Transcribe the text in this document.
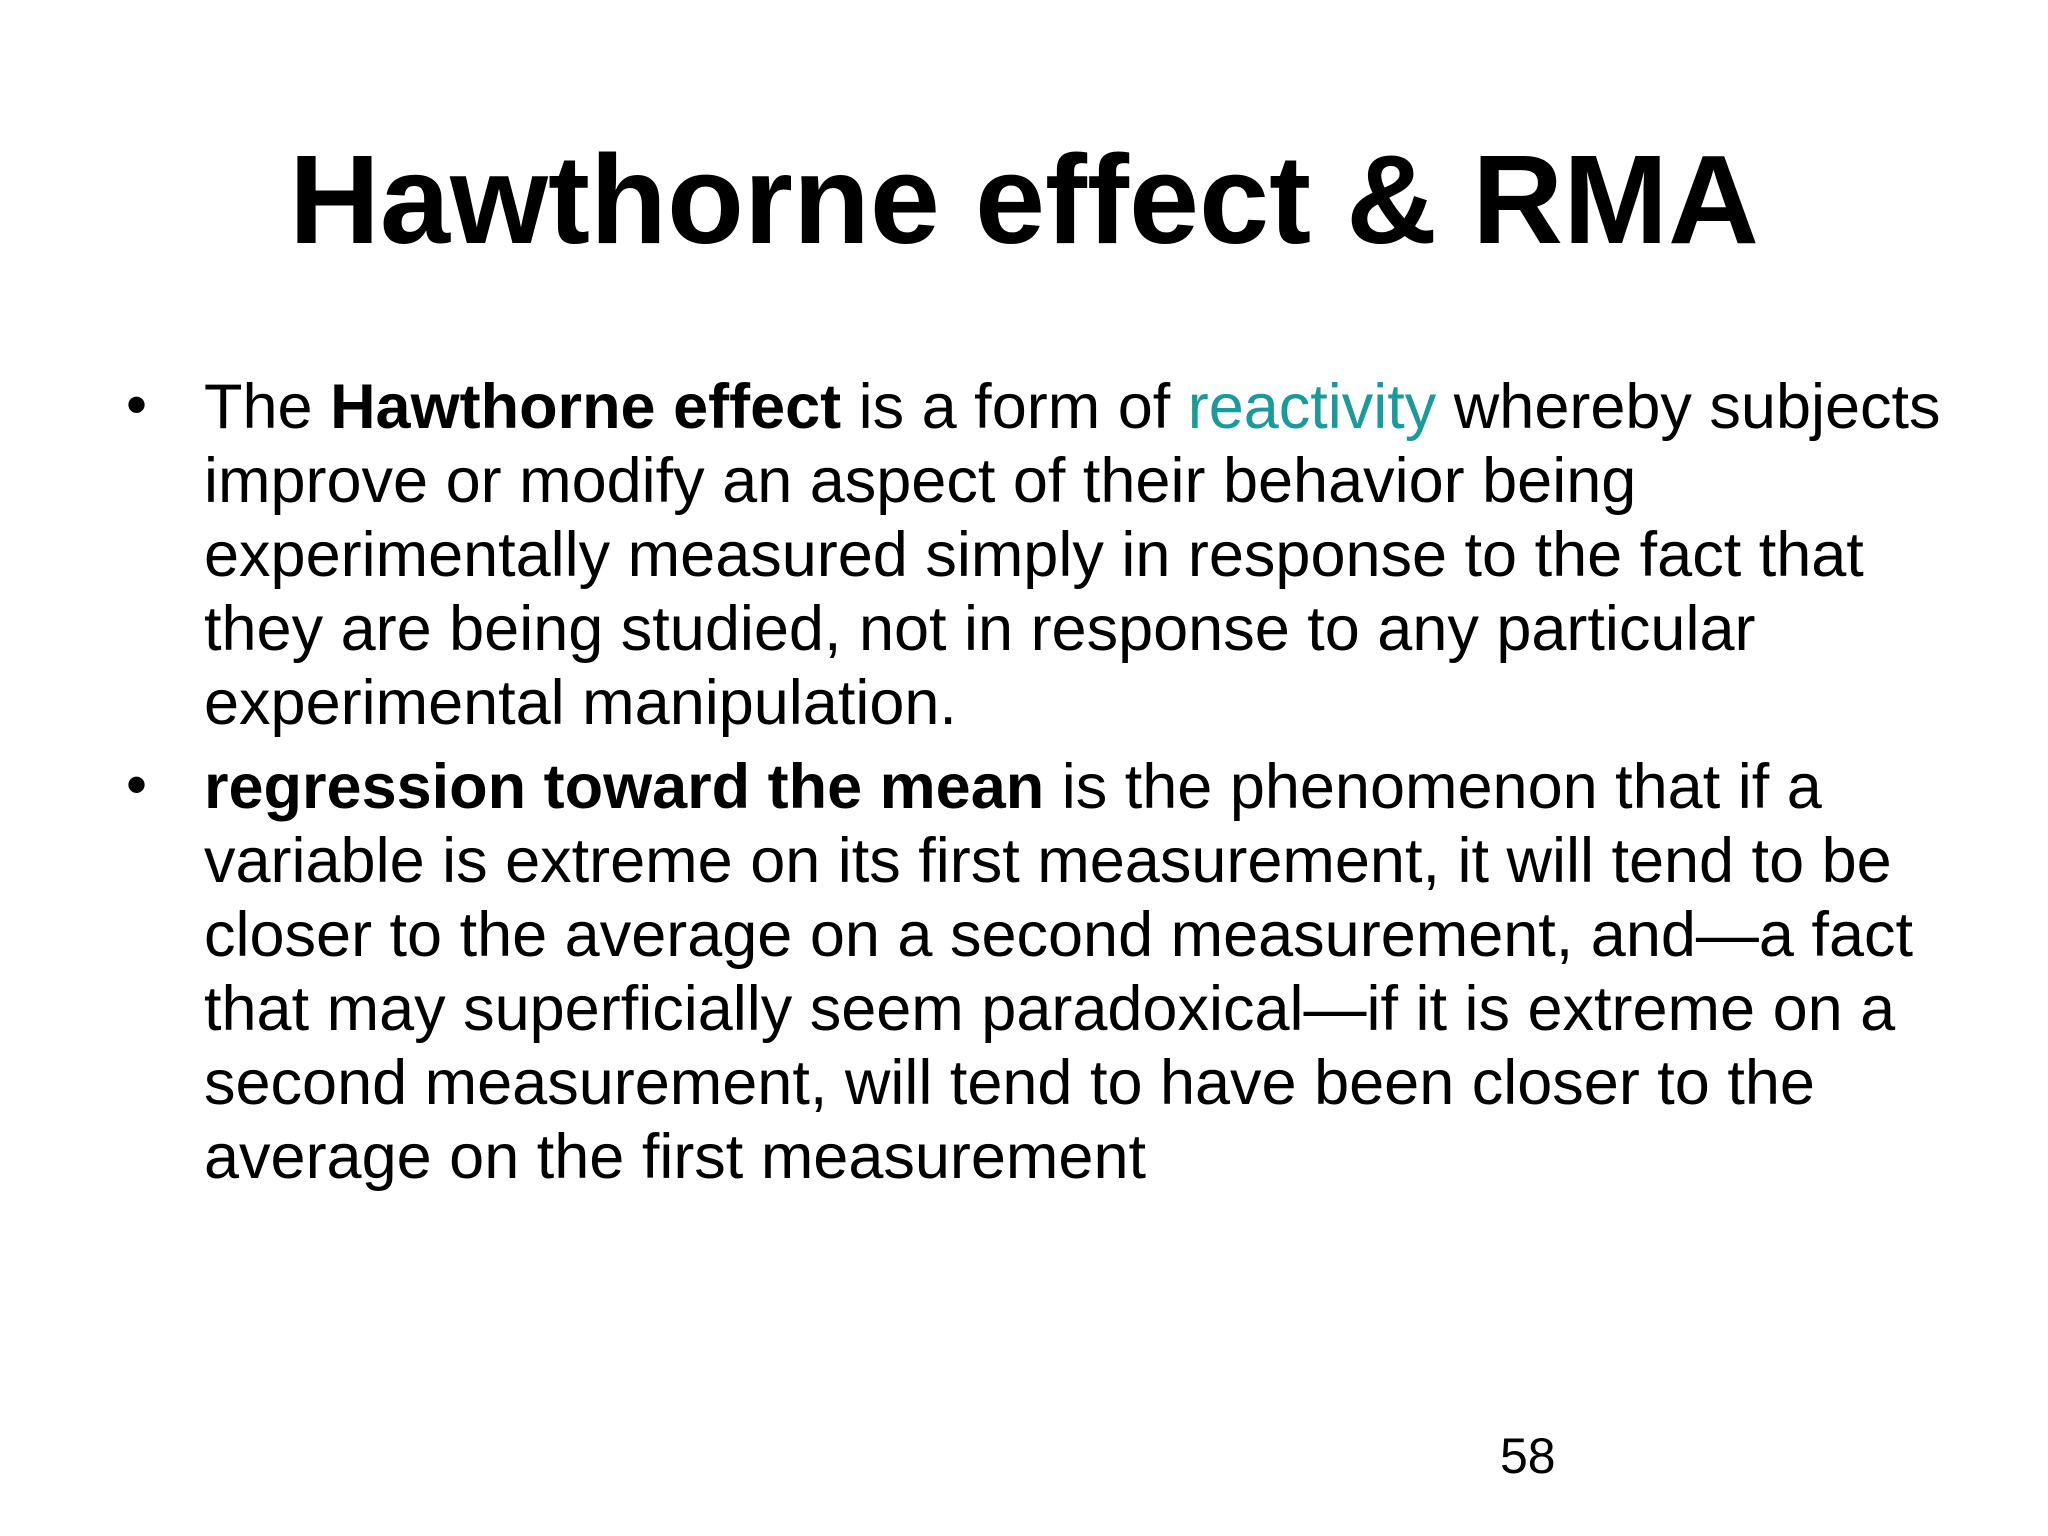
Hawthorne effect & RMA
• The Hawthorne effect is a form of reactivity whereby subjects improve or modify an aspect of their behavior being experimentally measured simply in response to the fact that they are being studied, not in response to any particular experimental manipulation.
• regression toward the mean is the phenomenon that if a variable is extreme on its first measurement, it will tend to be closer to the average on a second measurement, and—a fact that may superficially seem paradoxical—if it is extreme on a second measurement, will tend to have been closer to the average on the first measurement
58
